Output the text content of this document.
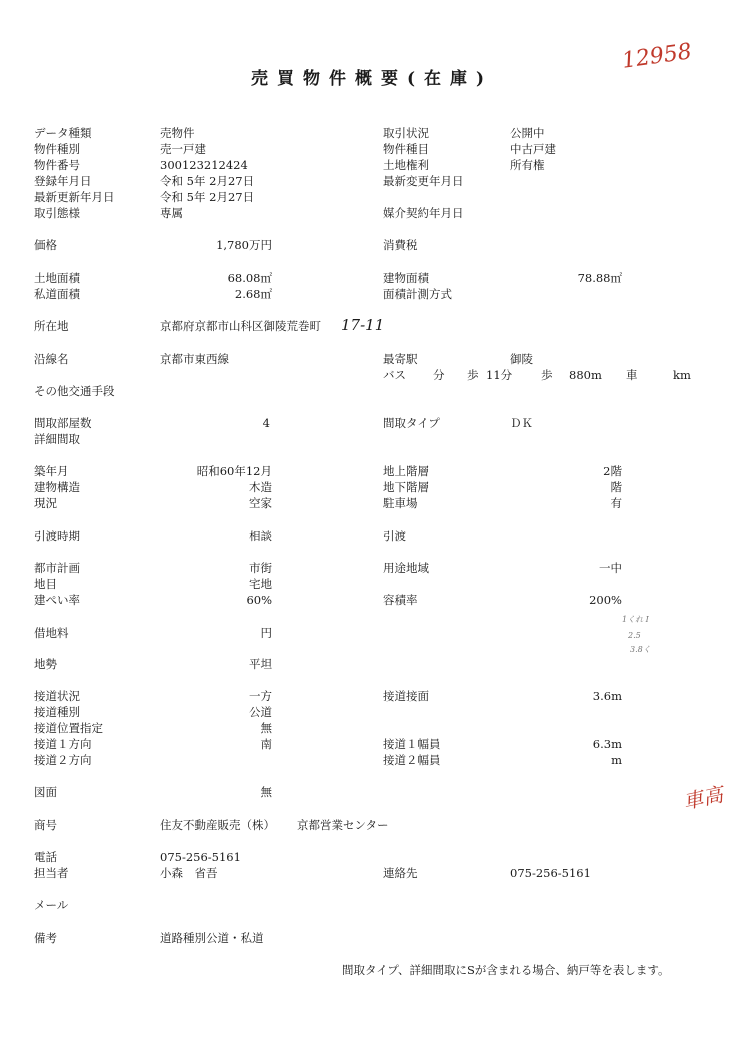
売買物件概要(在庫)
12958
データ種類	売物件	取引状況	公開中
物件種別	売一戸建	物件種目	中古戸建
物件番号	300123212424	土地権利	所有権
登録年月日	令和 5年 2月27日	最新変更年月日
最新更新年月日	令和 5年 2月27日
取引態様	専属	媒介契約年月日
価格	1,780万円	消費税
土地面積	68.08㎡	建物面積	78.88㎡
私道面積	2.68㎡	面積計測方式
所在地	京都府京都市山科区御陵荒巻町 17-11
沿線名	京都市東西線	最寄駅	御陵
バス 分 歩 11分	歩 880m 車	km
その他交通手段
間取部屋数	4	間取タイプ	ＤＫ
詳細間取
築年月	昭和60年12月	地上階層	2階
建物構造	木造	地下階層	階
現況	空家	駐車場	有
引渡時期	相談	引渡
都市計画	市街	用途地域	一中
地目	宅地
建ぺい率	60%	容積率	200%
借地料	円
1くれ I
2.5
3.8く
地勢	平坦
接道状況	一方	接道接面	3.6m
接道種別	公道
接道位置指定	無
接道１方向	南	接道１幅員	6.3m
接道２方向	接道２幅員	m
図面	無	車高
商号	住友不動産販売（株） 京都営業センター
電話	075-256-5161
担当者	小森　省吾	連絡先	075-256-5161
メール
備考	道路種別公道・私道
間取タイプ、詳細間取にSが含まれる場合、納戸等を表します。
